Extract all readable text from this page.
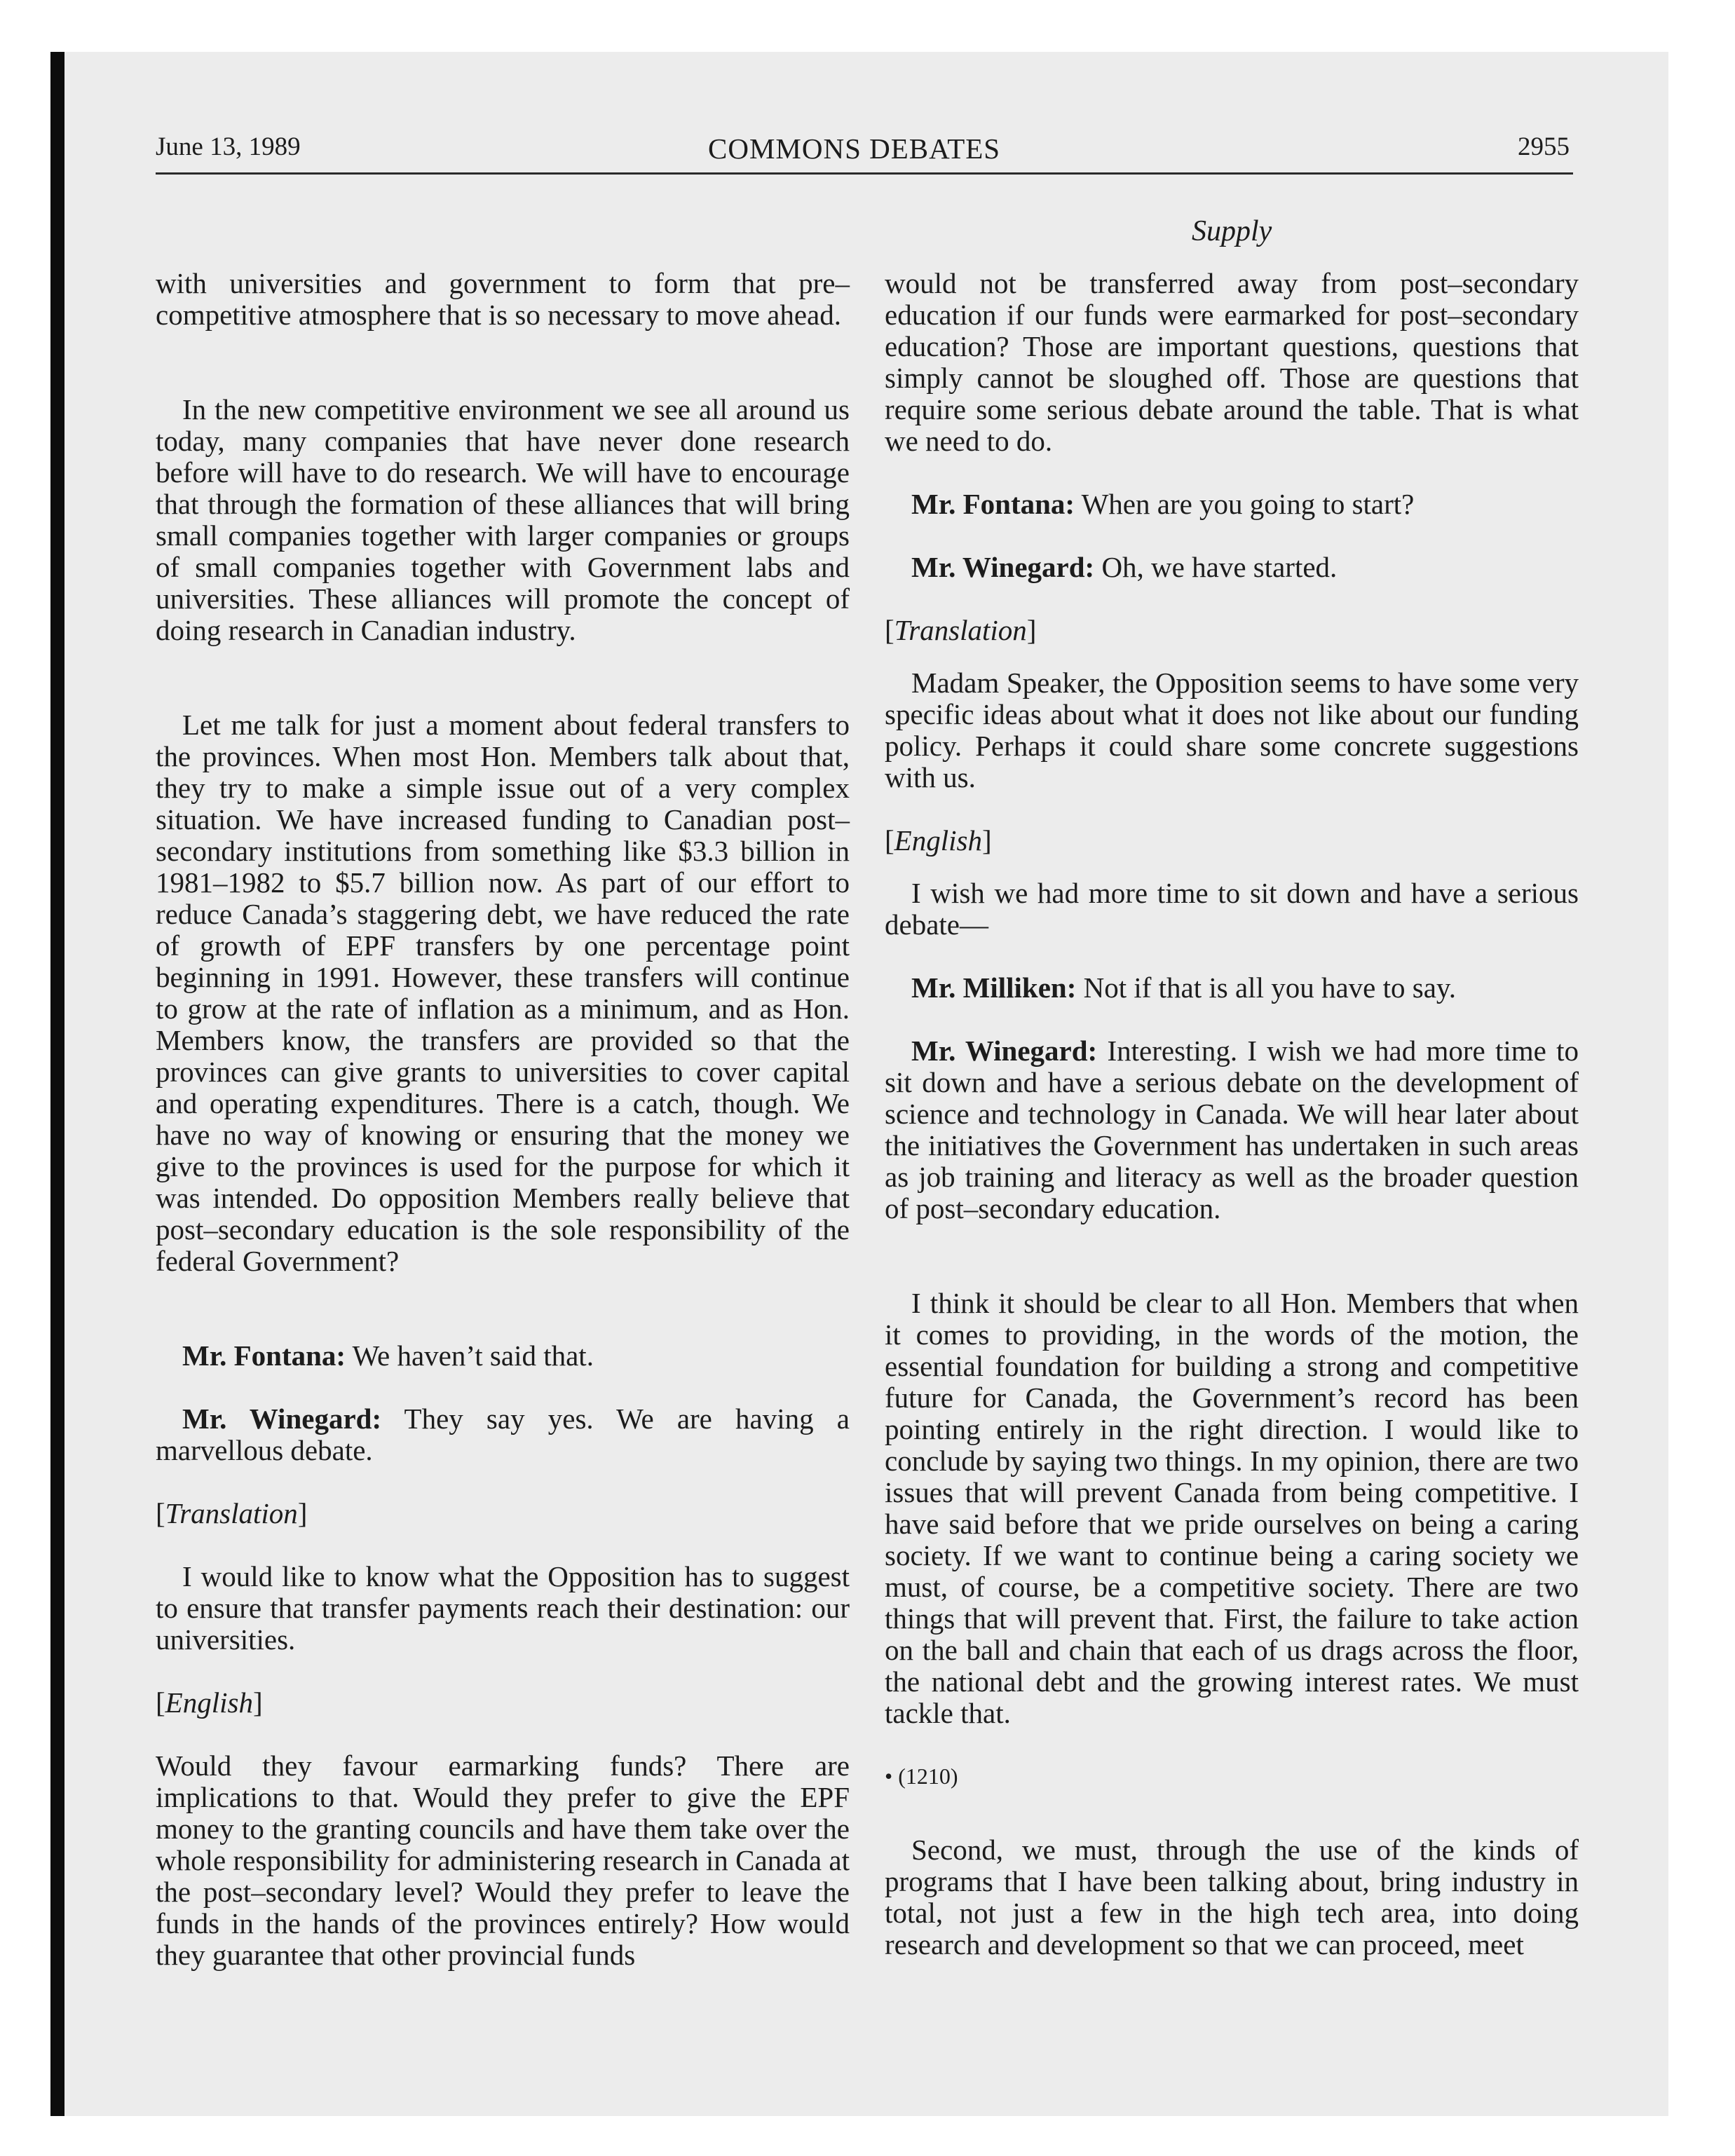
June 13, 1989	COMMONS DEBATES	2955
Supply

with universities and government to form that pre–competitive atmosphere that is so necessary to move ahead.

In the new competitive environment we see all around us today, many companies that have never done research before will have to do research. We will have to encourage that through the formation of these alliances that will bring small companies together with larger companies or groups of small companies together with Government labs and universities. These alliances will promote the concept of doing research in Canadian industry.

Let me talk for just a moment about federal transfers to the provinces. When most Hon. Members talk about that, they try to make a simple issue out of a very complex situation. We have increased funding to Canadian post–secondary institutions from something like $3.3 billion in 1981–1982 to $5.7 billion now. As part of our effort to reduce Canada’s staggering debt, we have reduced the rate of growth of EPF transfers by one percentage point beginning in 1991. However, these transfers will continue to grow at the rate of inflation as a minimum, and as Hon. Members know, the transfers are provided so that the provinces can give grants to universities to cover capital and operating expenditures. There is a catch, though. We have no way of knowing or ensuring that the money we give to the provinces is used for the purpose for which it was intended. Do opposition Members really believe that post–secondary education is the sole responsibility of the federal Government?

Mr. Fontana: We haven’t said that.

Mr. Winegard: They say yes. We are having a marvellous debate.

[Translation]

I would like to know what the Opposition has to suggest to ensure that transfer payments reach their destination: our universities.

[English]

Would they favour earmarking funds? There are implications to that. Would they prefer to give the EPF money to the granting councils and have them take over the whole responsibility for administering research in Canada at the post–secondary level? Would they prefer to leave the funds in the hands of the provinces entirely? How would they guarantee that other provincial funds

would not be transferred away from post–secondary education if our funds were earmarked for post–secondary education? Those are important questions, questions that simply cannot be sloughed off. Those are questions that require some serious debate around the table. That is what we need to do.

Mr. Fontana: When are you going to start?

Mr. Winegard: Oh, we have started.

[Translation]

Madam Speaker, the Opposition seems to have some very specific ideas about what it does not like about our funding policy. Perhaps it could share some concrete suggestions with us.

[English]

I wish we had more time to sit down and have a serious debate—

Mr. Milliken: Not if that is all you have to say.

Mr. Winegard: Interesting. I wish we had more time to sit down and have a serious debate on the development of science and technology in Canada. We will hear later about the initiatives the Government has undertaken in such areas as job training and literacy as well as the broader question of post–secondary education.

I think it should be clear to all Hon. Members that when it comes to providing, in the words of the motion, the essential foundation for building a strong and competitive future for Canada, the Government’s record has been pointing entirely in the right direction. I would like to conclude by saying two things. In my opinion, there are two issues that will prevent Canada from being competitive. I have said before that we pride ourselves on being a caring society. If we want to continue being a caring society we must, of course, be a competitive society. There are two things that will prevent that. First, the failure to take action on the ball and chain that each of us drags across the floor, the national debt and the growing interest rates. We must tackle that.

• (1210)

Second, we must, through the use of the kinds of programs that I have been talking about, bring industry in total, not just a few in the high tech area, into doing research and development so that we can proceed, meet
